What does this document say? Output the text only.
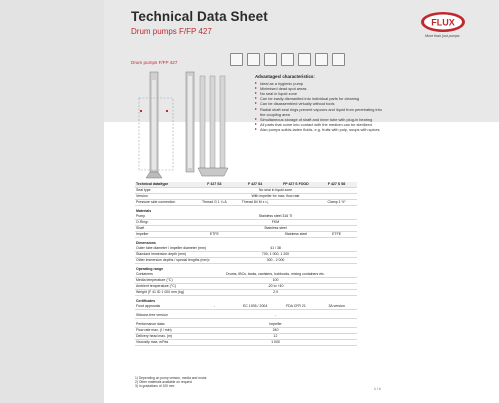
Technical Data Sheet
Drum pumps F/FP 427
FLUX
More than just pumps
Drum pumps F/FP 427
Advantages/ characteristics:
▸ Ideal as a hygienic pump
▸ Minimised dead spot areas
▸ No seal in liquid zone
▸ Can be easily dismantled into individual parts for cleaning
▸ Can be disassembled virtually without tools
▸ Radial shaft seal rings prevent vapours and liquid from penetrating into the coupling area
▸ Simultaneous storage of shaft and inner tube with plug-in bearing
▸ All parts that come into contact with the medium can be sterilized
▸ Also pumps solids-laden fluids, e.g. fruits with pulp, soups with spices
Technical data/type	F 427 S3	F 427 S4	FP 427 S FOOD	F 427 S S6
Seal type	No seal in liquid zone
Version	With impeller for max. flow rate
Pressure side connection	Thread G 1 ¼ A	Thread 84 M x ¹⁄₆	Clamp 1 ½"
Materials
Pump	Stainless steel 316 TI
O-Ring²	FKM
Shaft	Stainless steel
Impeller	ETFE	Stainless steel	ETFE
Dimensions
Outer tube diameter / impeller diameter (mm)	41 / 38
Standard immersion depth (mm)	700, 1 000, 1 200
Other immersion depths / special lengths (mm)³	300 - 2 000
Operating range
Containers	Drums, IBCs, tanks, canisters, hobbocks, mixing containers etc.
Media temperature (°C)	100
Ambient temperature (°C)	-20 to +40
Weight (F 41 ID 1 000 mm (kg)	2.9
Certificates
Food approvals	-	EC 1935 / 2004	FDA CFR 21	3A version
Silicone-free version	-
Performance data¹	Impeller
Flow rate max. (l / min)	240
Delivery head max. (m)	12
Viscosity max. mPas	1 000
1) Depending on pump version, media and motor
2) Other materials available on request
3) In gradations of 100 mm
1 / 4
